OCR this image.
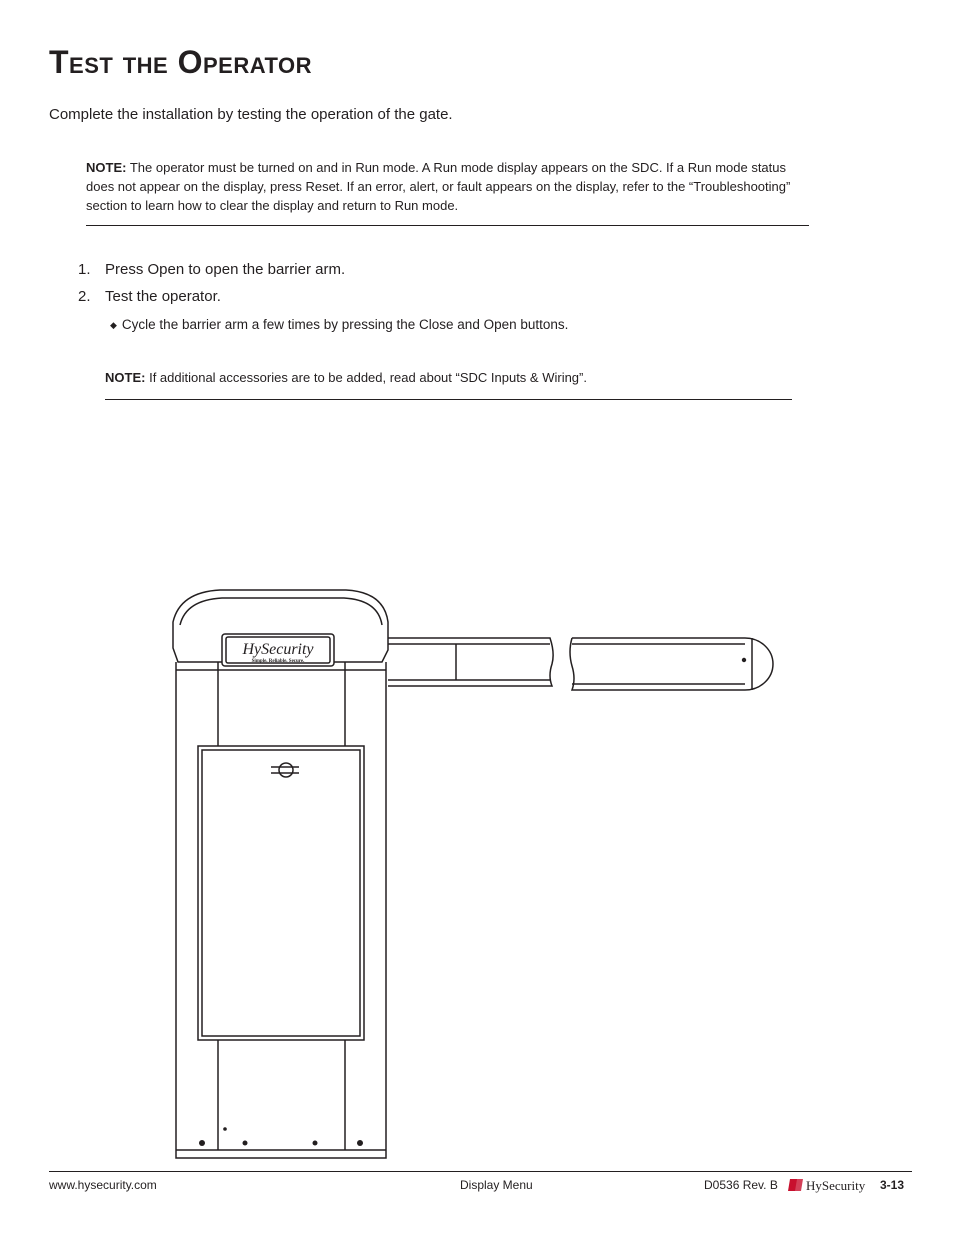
Test the Operator
Complete the installation by testing the operation of the gate.
NOTE: The operator must be turned on and in Run mode. A Run mode display appears on the SDC. If a Run mode status does not appear on the display, press Reset. If an error, alert, or fault appears on the display, refer to the “Troubleshooting” section to learn how to clear the display and return to Run mode.
1. Press Open to open the barrier arm.
2. Test the operator.
◆ Cycle the barrier arm a few times by pressing the Close and Open buttons.
NOTE: If additional accessories are to be added, read about “SDC Inputs & Wiring”.
HySecurity
Simple. Reliable. Secure.
www.hysecurity.com	Display Menu	D0536 Rev. B HySecurity 3-13
